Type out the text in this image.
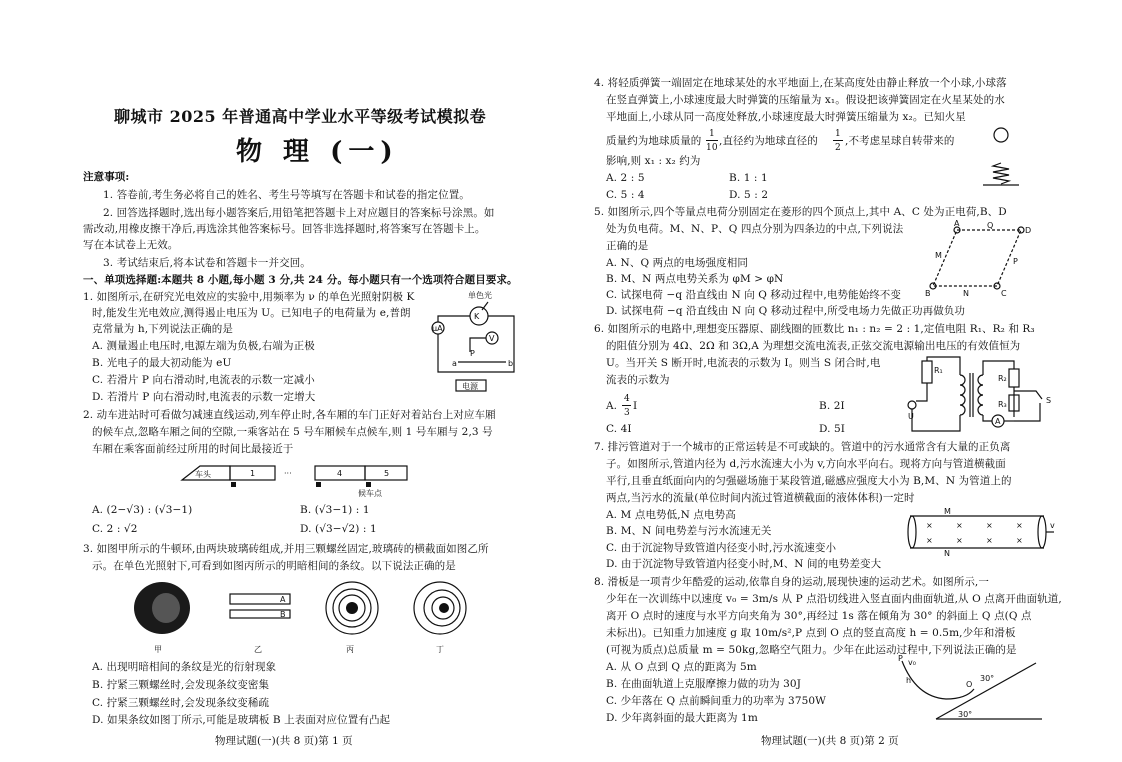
聊城市 2025 年普通高中学业水平等级考试模拟卷
物 理 (一)
注意事项:
1. 答卷前,考生务必将自己的姓名、考生号等填写在答题卡和试卷的指定位置。
2. 回答选择题时,选出每小题答案后,用铅笔把答题卡上对应题目的答案标号涂黑。如
需改动,用橡皮擦干净后,再选涂其他答案标号。回答非选择题时,将答案写在答题卡上。
写在本试卷上无效。
3. 考试结束后,将本试卷和答题卡一并交回。
一、单项选择题:本题共 8 小题,每小题 3 分,共 24 分。每小题只有一个选项符合题目要求。
1. 如图所示,在研究光电效应的实验中,用频率为 ν 的单色光照射阴极 K
时,能发生光电效应,测得遏止电压为 U。已知电子的电荷量为 e,普朗
克常量为 h,下列说法正确的是
A. 测量遏止电压时,电源左端为负极,右端为正极
B. 光电子的最大初动能为 eU
C. 若滑片 P 向右滑动时,电流表的示数一定减小
D. 若滑片 P 向右滑动时,电流表的示数一定增大
单色光
K
μA
V
P
a	b
电源
2. 动车进站时可看做匀减速直线运动,列车停止时,各车厢的车门正好对着站台上对应车厢
的候车点,忽略车厢之间的空隙,一乘客站在 5 号车厢候车点候车,则 1 号车厢与 2,3 号
车厢在乘客面前经过所用的时间比最接近于
车头	1	···	4	5
候车点
A. (2−√3) : (√3−1)	B. (√3−1) : 1
C. 2 : √2	D. (√3−√2) : 1
3. 如图甲所示的牛顿环,由两块玻璃砖组成,并用三颗螺丝固定,玻璃砖的横截面如图乙所
示。在单色光照射下,可看到如图丙所示的明暗相间的条纹。以下说法正确的是
甲
A
B
乙	丙	丁
A. 出现明暗相间的条纹是光的衍射现象
B. 拧紧三颗螺丝时,会发现条纹变密集
C. 拧紧三颗螺丝时,会发现条纹变稀疏
D. 如果条纹如图丁所示,可能是玻璃板 B 上表面对应位置有凸起
物理试题(一)(共 8 页)第 1 页
4. 将轻质弹簧一端固定在地球某处的水平地面上,在某高度处由静止释放一个小球,小球落
在竖直弹簧上,小球速度最大时弹簧的压缩量为 x₁。假设把该弹簧固定在火星某处的水
平地面上,小球从同一高度处释放,小球速度最大时弹簧压缩量为 x₂。已知火星
质量约为地球质量的
1
10
,直径约为地球直径的
1
2
,不考虑星球自转带来的
影响,则 x₁ : x₂ 约为
A. 2 : 5	B. 1 : 1
C. 5 : 4	D. 5 : 2
5. 如图所示,四个等量点电荷分别固定在菱形的四个顶点上,其中 A、C 处为正电荷,B、D
处为负电荷。M、N、P、Q 四点分别为四条边的中点,下列说法
正确的是
A. N、Q 两点的电场强度相同
B. M、N 两点电势关系为 φM > φN
C. 试探电荷 −q 沿直线由 N 向 Q 移动过程中,电势能始终不变
D. 试探电荷 −q 沿直线由 N 向 Q 移动过程中,所受电场力先做正功再做负功
A
D
C
B
M
N
P
Q
6. 如图所示的电路中,理想变压器原、副线圈的匝数比 n₁ : n₂ = 2 : 1,定值电阻 R₁、R₂ 和 R₃
的阻值分别为 4Ω、2Ω 和 3Ω,A 为理想交流电流表,正弦交流电源输出电压的有效值恒为
U。当开关 S 断开时,电流表的示数为 I。则当 S 闭合时,电
流表的示数为
A.
4
3
I	B. 2I
C. 4I	D. 5I
R₁
U
R₂
R₃	S
A
7. 排污管道对于一个城市的正常运转是不可或缺的。管道中的污水通常含有大量的正负离
子。如图所示,管道内径为 d,污水流速大小为 v,方向水平向右。现将方向与管道横截面
平行,且垂直纸面向内的匀强磁场施于某段管道,磁感应强度大小为 B,M、N 为管道上的
两点,当污水的流量(单位时间内流过管道横截面的液体体积)一定时
A. M 点电势低,N 点电势高
B. M、N 间电势差与污水流速无关
C. 由于沉淀物导致管道内径变小时,污水流速变小
D. 由于沉淀物导致管道内径变小时,M、N 间的电势差变大
×	×	×	×
×	×	×	×
M
N
v
8. 滑板是一项青少年酷爱的运动,依靠自身的运动,展现快速的运动艺术。如图所示,一
少年在一次训练中以速度 v₀ = 3m/s 从 P 点沿切线进入竖直面内曲面轨道,从 O 点离开曲面轨道,
离开 O 点时的速度与水平方向夹角为 30°,再经过 1s 落在倾角为 30° 的斜面上 Q 点(Q 点
未标出)。已知重力加速度 g 取 10m/s²,P 点到 O 点的竖直高度 h = 0.5m,少年和滑板
(可视为质点)总质量 m = 50kg,忽略空气阻力。少年在此运动过程中,下列说法正确的是
A. 从 O 点到 Q 点的距离为 5m
B. 在曲面轨道上克服摩擦力做的功为 30J
C. 少年落在 Q 点前瞬间重力的功率为 3750W
D. 少年离斜面的最大距离为 1m
P v₀
h	O
30°
30°
物理试题(一)(共 8 页)第 2 页
